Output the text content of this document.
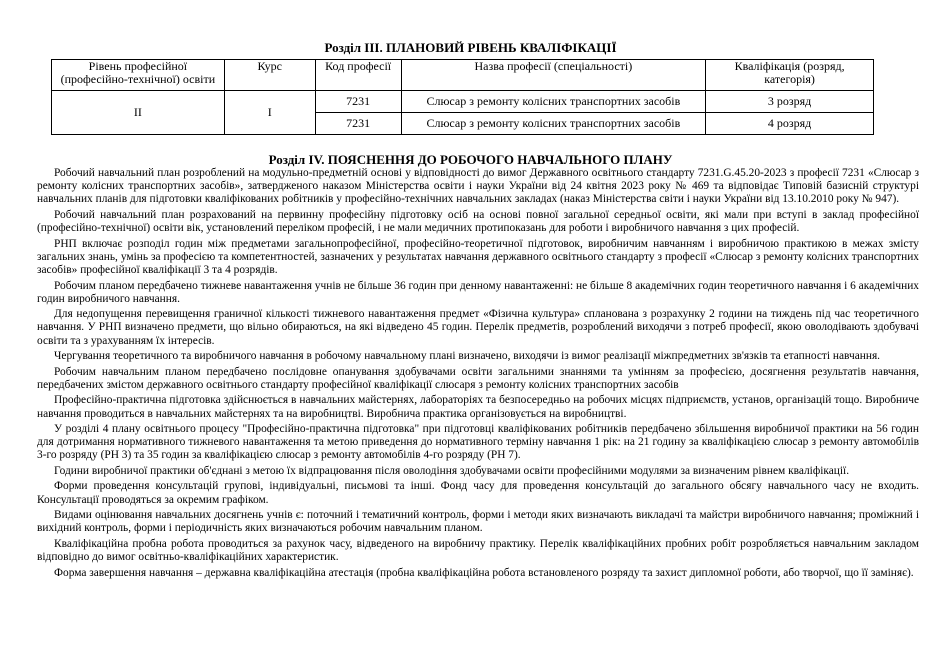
Розділ ІІІ. ПЛАНОВИЙ РІВЕНЬ КВАЛІФІКАЦІЇ
Рівень професійної (професійно-технічної) освіти	Курс	Код професії	Назва професії (спеціальності)	Кваліфікація (розряд, категорія)
ІІ	І	7231	Слюсар з ремонту колісних транспортних засобів	3 розряд
		7231	Слюсар з ремонту колісних транспортних засобів	4 розряд
Розділ IV. ПОЯСНЕННЯ ДО РОБОЧОГО НАВЧАЛЬНОГО ПЛАНУ

Робочий навчальний план розроблений на модульно-предметній основі у відповідності до вимог Державного освітнього стандарту 7231.G.45.20-2023 з професії 7231 «Слюсар з ремонту колісних транспортних засобів», затвердженого наказом Міністерства освіти і науки України від 24 квітня 2023 року № 469 та відповідає Типовій базисній структурі навчальних планів для підготовки кваліфікованих робітників у професійно-технічних навчальних закладах (наказ Міністерства світи і науки України від 13.10.2010 року № 947).

Робочий навчальний план розрахований на первинну професійну підготовку осіб на основі повної загальної середньої освіти, які мали при вступі в заклад професійної (професійно-технічної) освіти вік, установлений переліком професій, і не мали медичних протипоказань для роботи і виробничого навчання з цих професій.

РНП включає розподіл годин між предметами загальнопрофесійної, професійно-теоретичної підготовок, виробничим навчанням і виробничою практикою в межах змісту загальних знань, умінь за професією та компетентностей, зазначених у результатах навчання державного освітнього стандарту з професії «Слюсар з ремонту колісних транспортних засобів» професійної кваліфікації 3 та 4 розрядів.

Робочим планом передбачено тижневе навантаження учнів не більше 36 годин при денному навантаженні: не більше 8 академічних годин теоретичного навчання і 6 академічних годин виробничого навчання.

Для недопущення перевищення граничної кількості тижневого навантаження предмет «Фізична культура» спланована з розрахунку 2 години на тиждень під час теоретичного навчання. У РНП визначено предмети, що вільно обираються, на які відведено 45 годин. Перелік предметів, розроблений виходячи з потреб професії, якою оволодівають здобувачі освіти та з урахуванням їх інтересів.

Чергування теоретичного та виробничого навчання в робочому навчальному плані визначено, виходячи із вимог реалізації міжпредметних зв'язків та етапності навчання.

Робочим навчальним планом передбачено послідовне опанування здобувачами освіти загальними знаннями та умінням за професією, досягнення результатів навчання, передбачених змістом державного освітнього стандарту професійної кваліфікації слюсаря з ремонту колісних транспортних засобів

Професійно-практична підготовка здійснюється в навчальних майстернях, лабораторіях та безпосередньо на робочих місцях підприємств, установ, організацій тощо. Виробниче навчання проводиться в навчальних майстернях та на виробництві. Виробнича практика організовується на виробництві.

У розділі 4 плану освітнього процесу "Професійно-практична підготовка" при підготовці кваліфікованих робітників передбачено збільшення виробничої практики на 56 годин для дотримання нормативного тижневого навантаження та метою приведення до нормативного терміну навчання 1 рік: на 21 годину за кваліфікацією слюсар з ремонту автомобілів 3-го розряду (РН 3) та 35 годин за кваліфікацією слюсар з ремонту автомобілів 4-го розряду (РН 7).

Години виробничої практики об'єднані з метою їх відпрацювання після оволодіння здобувачами освіти професійними модулями за визначеним рівнем кваліфікації.

Форми проведення консультацій групові, індивідуальні, письмові та інші. Фонд часу для проведення консультацій до загального обсягу навчального часу не входить. Консультації проводяться за окремим графіком.

Видами оцінювання навчальних досягнень учнів є: поточний і тематичний контроль, форми і методи яких визначають викладачі та майстри виробничого навчання; проміжний і вихідний контроль, форми і періодичність яких визначаються робочим навчальним планом.

Кваліфікаційна пробна робота проводиться за рахунок часу, відведеного на виробничу практику. Перелік кваліфікаційних пробних робіт розробляється навчальним закладом відповідно до вимог освітньо-кваліфікаційних характеристик.

Форма завершення навчання – державна кваліфікаційна атестація (пробна кваліфікаційна робота встановленого розряду та захист дипломної роботи, або творчої, що її заміняє).
